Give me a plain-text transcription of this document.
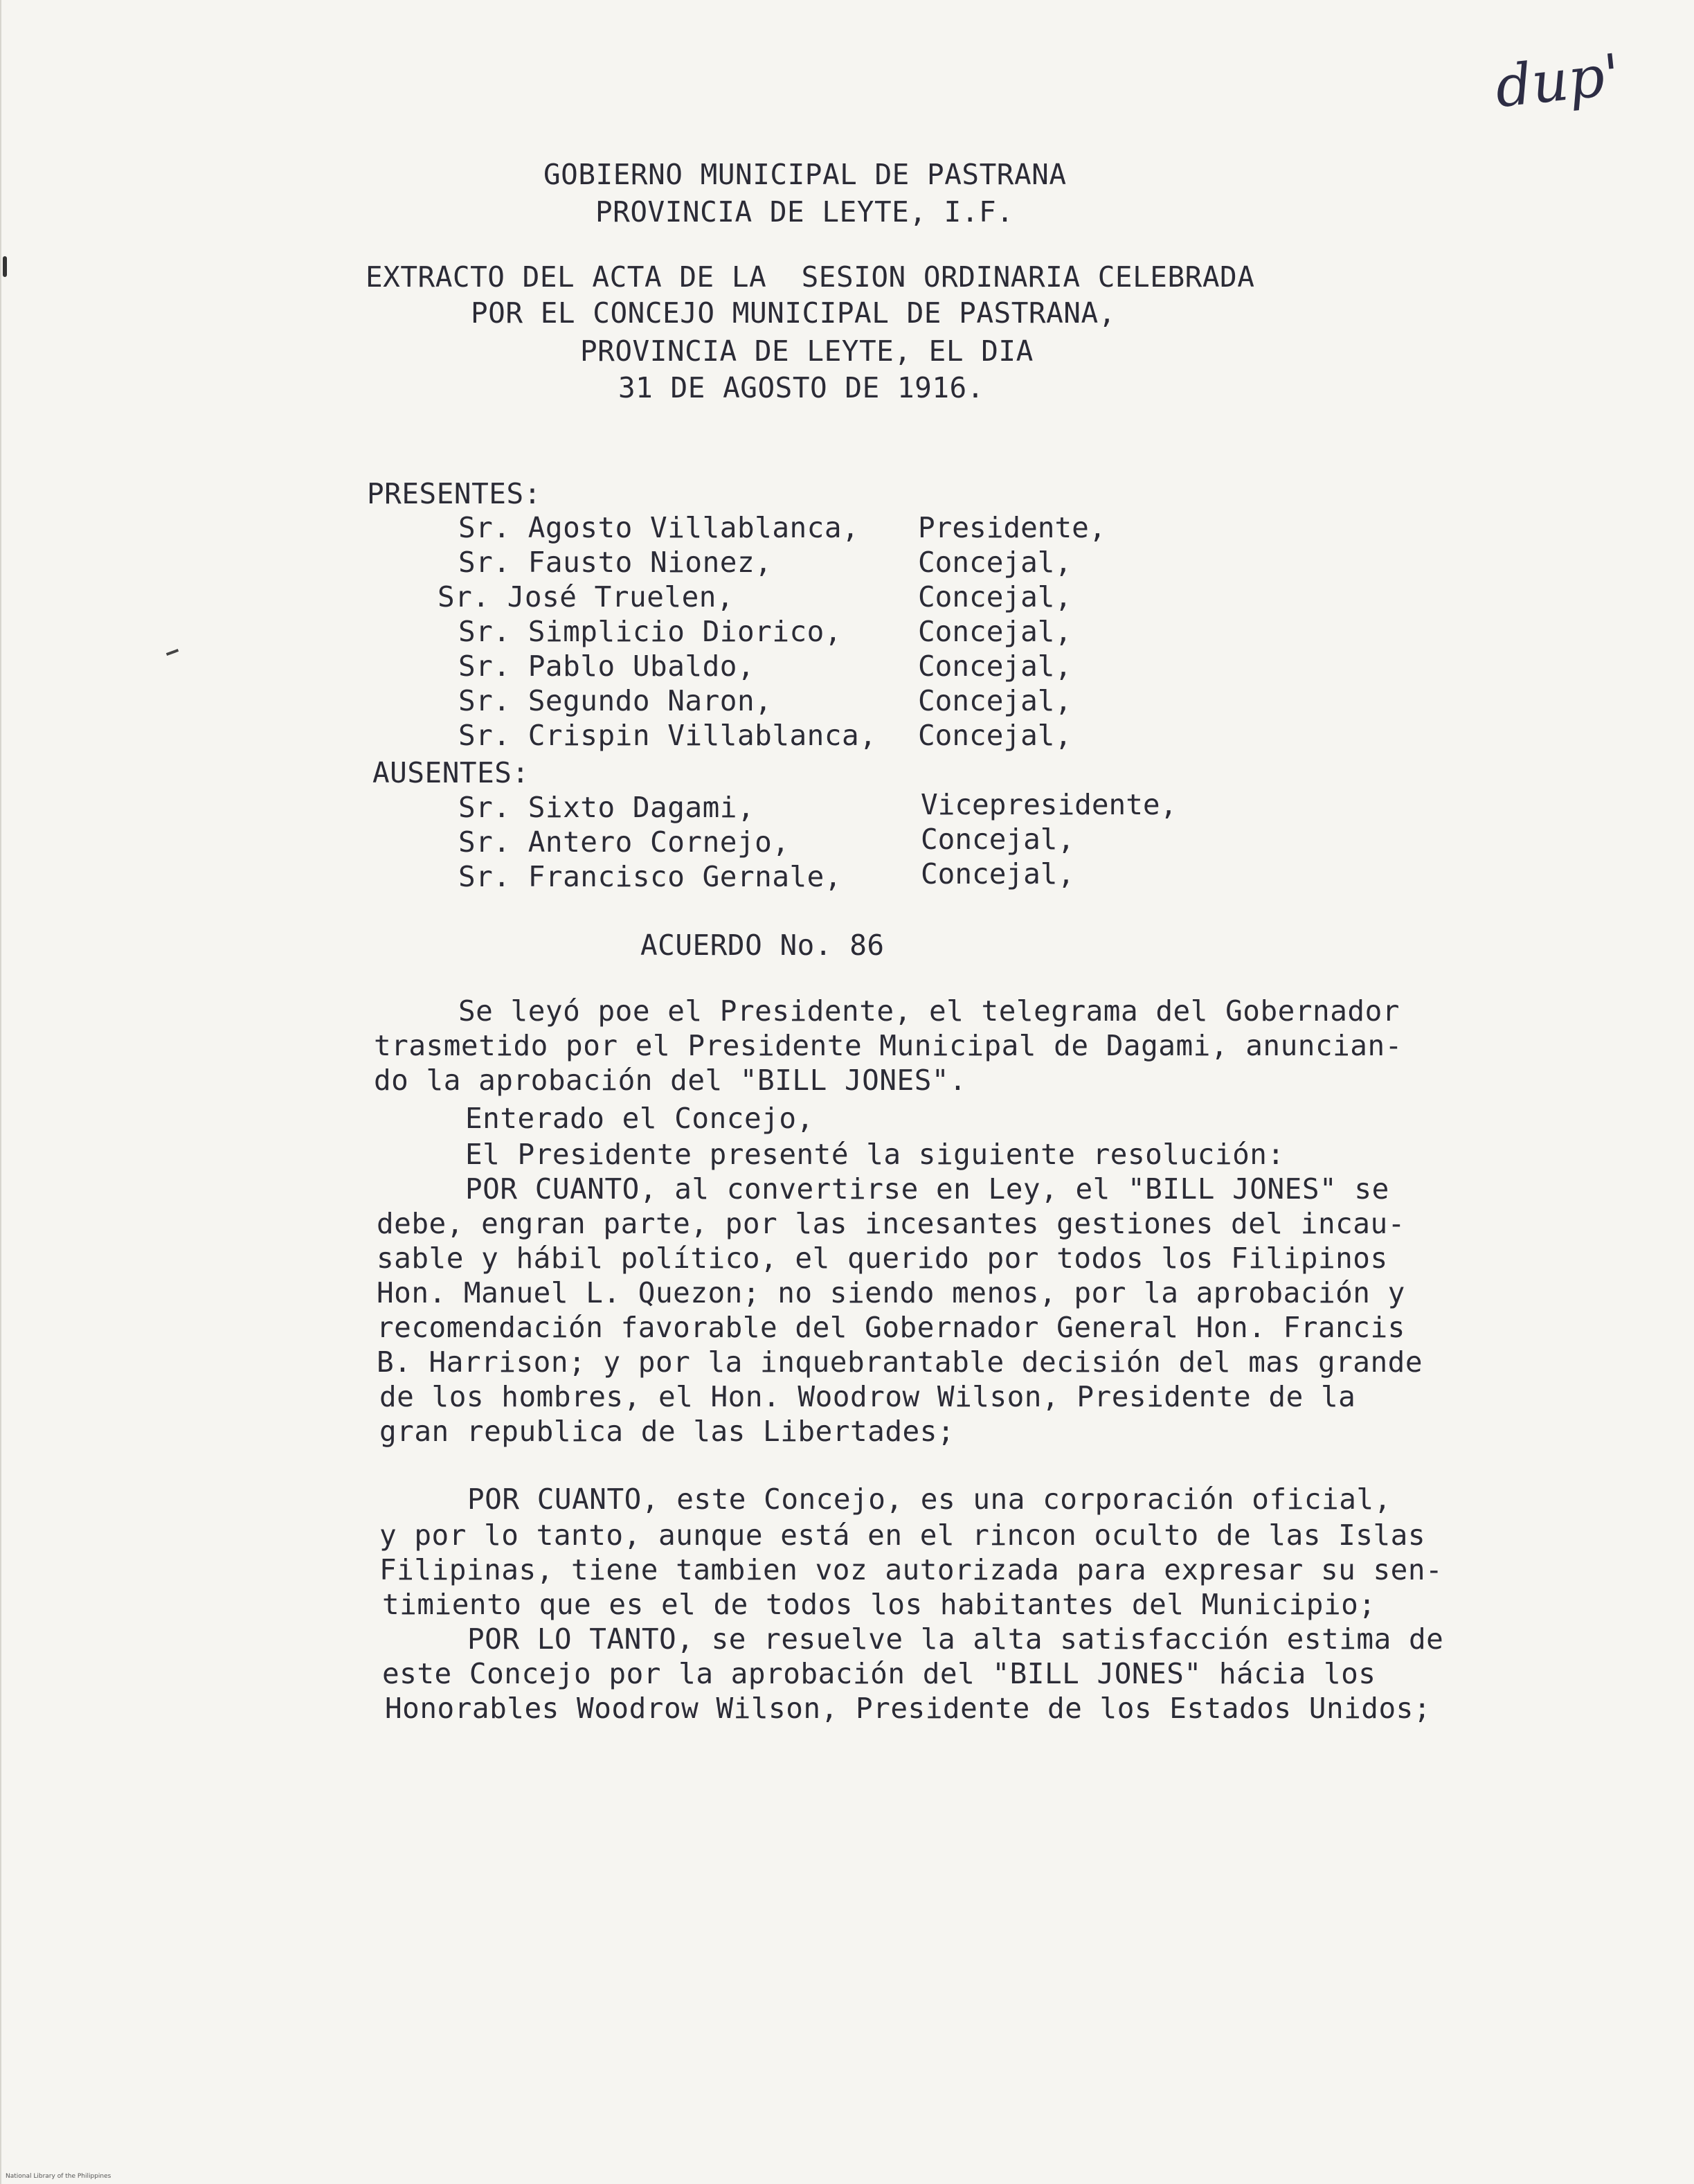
dup'
GOBIERNO MUNICIPAL DE PASTRANA
PROVINCIA DE LEYTE, I.F.
EXTRACTO DEL ACTA DE LA  SESION ORDINARIA CELEBRADA
POR EL CONCEJO MUNICIPAL DE PASTRANA,
PROVINCIA DE LEYTE, EL DIA
31 DE AGOSTO DE 1916.
PRESENTES:
Sr. Agosto Villablanca, Presidente,
Sr. Fausto Nionez,	Concejal,
Sr. José Truelen,	Concejal,
Sr. Simplicio Diorico,	Concejal,
Sr. Pablo Ubaldo,	Concejal,
Sr. Segundo Naron,	Concejal,
Sr. Crispin Villablanca, Concejal,
AUSENTES:
Sr. Sixto Dagami,	Vicepresidente,
Sr. Antero Cornejo,	Concejal,
Sr. Francisco Gernale,	Concejal,
ACUERDO No. 86
Se leyó poe el Presidente, el telegrama del Gobernador
trasmetido por el Presidente Municipal de Dagami, anuncian-
do la aprobación del "BILL JONES".
Enterado el Concejo,
El Presidente presenté la siguiente resolución:
POR CUANTO, al convertirse en Ley, el "BILL JONES" se
debe, engran parte, por las incesantes gestiones del incau-
sable y hábil político, el querido por todos los Filipinos
Hon. Manuel L. Quezon; no siendo menos, por la aprobación y
recomendación favorable del Gobernador General Hon. Francis
B. Harrison; y por la inquebrantable decisión del mas grande
de los hombres, el Hon. Woodrow Wilson, Presidente de la
gran republica de las Libertades;
POR CUANTO, este Concejo, es una corporación oficial,
y por lo tanto, aunque está en el rincon oculto de las Islas
Filipinas, tiene tambien voz autorizada para expresar su sen-
timiento que es el de todos los habitantes del Municipio;
POR LO TANTO, se resuelve la alta satisfacción estima de
este Concejo por la aprobación del "BILL JONES" hácia los
Honorables Woodrow Wilson, Presidente de los Estados Unidos;
National Library of the Philippines
